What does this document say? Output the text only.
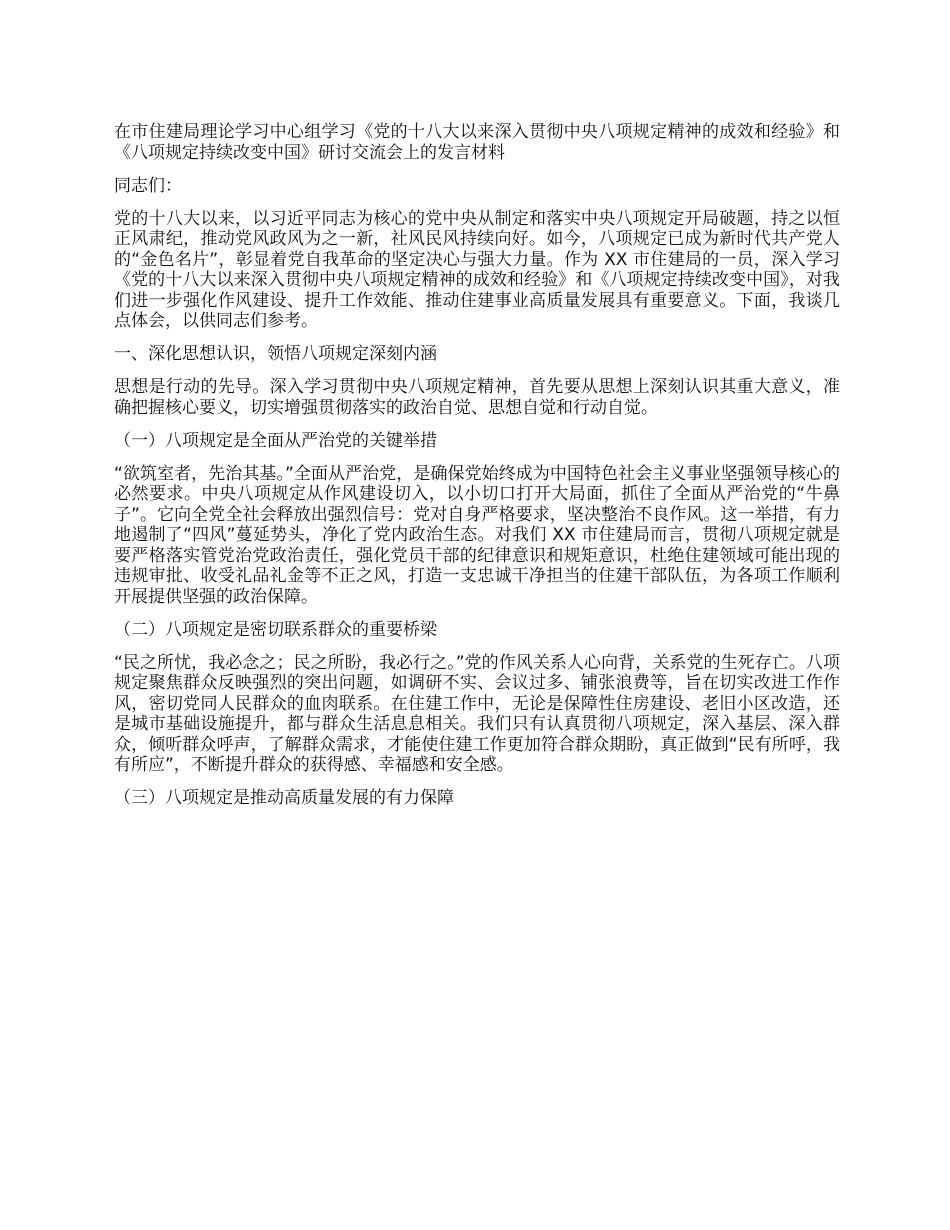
在市住建局理论学习中心组学习《党的十八大以来深入贯彻中央八项规定精神的成效和经验》和《八项规定持续改变中国》研讨交流会上的发言材料

同志们：

党的十八大以来，以习近平同志为核心的党中央从制定和落实中央八项规定开局破题，持之以恒正风肃纪，推动党风政风为之一新，社风民风持续向好。如今，八项规定已成为新时代共产党人的“金色名片”，彰显着党自我革命的坚定决心与强大力量。作为 XX 市住建局的一员，深入学习《党的十八大以来深入贯彻中央八项规定精神的成效和经验》和《八项规定持续改变中国》，对我们进一步强化作风建设、提升工作效能、推动住建事业高质量发展具有重要意义。下面，我谈几点体会，以供同志们参考。

一、深化思想认识，领悟八项规定深刻内涵

思想是行动的先导。深入学习贯彻中央八项规定精神，首先要从思想上深刻认识其重大意义，准确把握核心要义，切实增强贯彻落实的政治自觉、思想自觉和行动自觉。

（一）八项规定是全面从严治党的关键举措

“欲筑室者，先治其基。”全面从严治党，是确保党始终成为中国特色社会主义事业坚强领导核心的必然要求。中央八项规定从作风建设切入，以小切口打开大局面，抓住了全面从严治党的“牛鼻子”。它向全党全社会释放出强烈信号：党对自身严格要求，坚决整治不良作风。这一举措，有力地遏制了“四风”蔓延势头，净化了党内政治生态。对我们 XX 市住建局而言，贯彻八项规定就是要严格落实管党治党政治责任，强化党员干部的纪律意识和规矩意识，杜绝住建领域可能出现的违规审批、收受礼品礼金等不正之风，打造一支忠诚干净担当的住建干部队伍，为各项工作顺利开展提供坚强的政治保障。

（二）八项规定是密切联系群众的重要桥梁

“民之所忧，我必念之；民之所盼，我必行之。”党的作风关系人心向背，关系党的生死存亡。八项规定聚焦群众反映强烈的突出问题，如调研不实、会议过多、铺张浪费等，旨在切实改进工作作风，密切党同人民群众的血肉联系。在住建工作中，无论是保障性住房建设、老旧小区改造，还是城市基础设施提升，都与群众生活息息相关。我们只有认真贯彻八项规定，深入基层、深入群众，倾听群众呼声，了解群众需求，才能使住建工作更加符合群众期盼，真正做到“民有所呼，我有所应”，不断提升群众的获得感、幸福感和安全感。

（三）八项规定是推动高质量发展的有力保障
